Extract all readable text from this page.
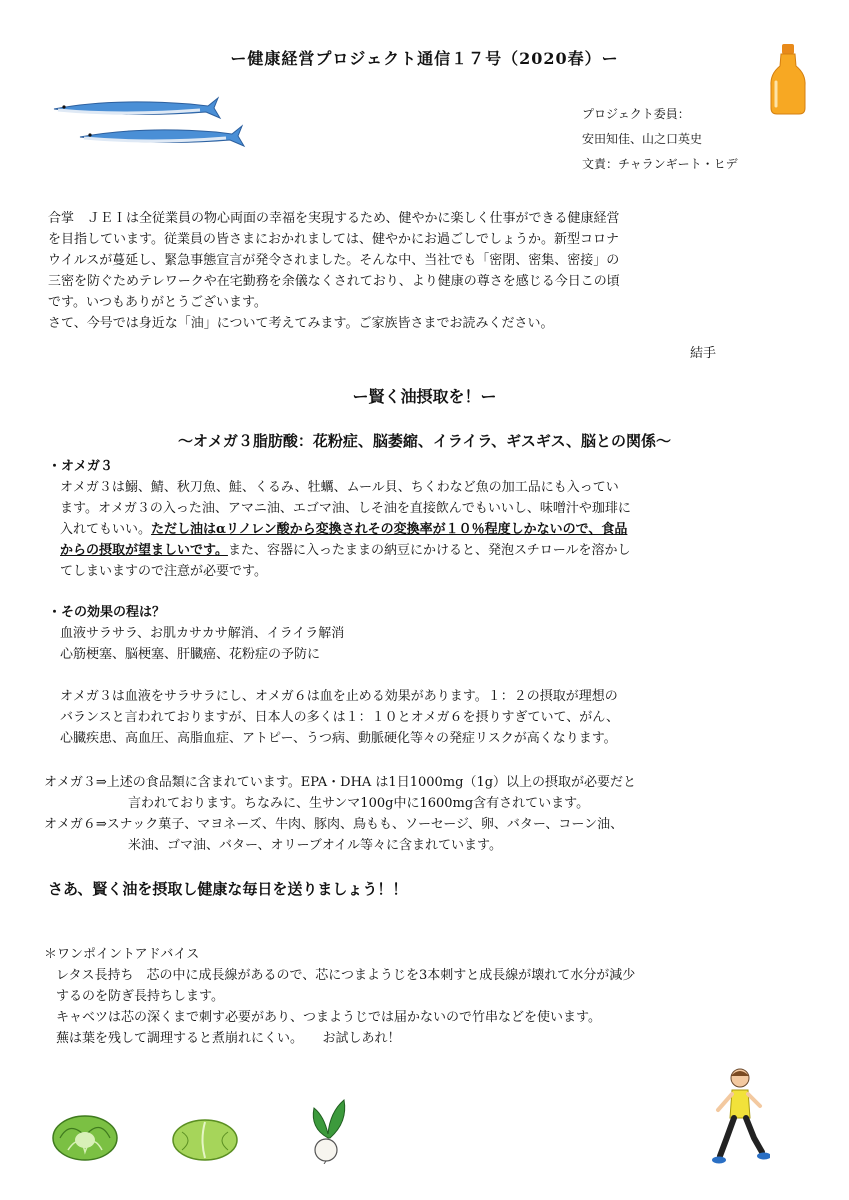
ー健康経営プロジェクト通信１７号（2020春）ー
プロジェクト委員：
安田知佳、山之口英史
文責：チャランギート・ヒデ
合掌　ＪＥＩは全従業員の物心両面の幸福を実現するため、健やかに楽しく仕事ができる健康経営
を目指しています。従業員の皆さまにおかれましては、健やかにお過ごしでしょうか。新型コロナ
ウイルスが蔓延し、緊急事態宣言が発令されました。そんな中、当社でも「密閉、密集、密接」の
三密を防ぐためテレワークや在宅勤務を余儀なくされており、より健康の尊さを感じる今日この頃
です。いつもありがとうございます。
さて、今号では身近な「油」について考えてみます。ご家族皆さまでお読みください。
結手
ー賢く油摂取を！ー
～オメガ３脂肪酸：花粉症、脳萎縮、イライラ、ギスギス、脳との関係～
・オメガ３
オメガ３は鰯、鯖、秋刀魚、鮭、くるみ、牡蠣、ムール貝、ちくわなど魚の加工品にも入ってい
ます。オメガ３の入った油、アマニ油、エゴマ油、しそ油を直接飲んでもいいし、味噌汁や珈琲に
入れてもいい。ただし油はαリノレン酸から変換されその変換率が１０％程度しかないので、食品
からの摂取が望ましいです。また、容器に入ったままの納豆にかけると、発泡スチロールを溶かし
てしまいますので注意が必要です。
・その効果の程は？
血液サラサラ、お肌カサカサ解消、イライラ解消
心筋梗塞、脳梗塞、肝臓癌、花粉症の予防に
オメガ３は血液をサラサラにし、オメガ６は血を止める効果があります。１：２の摂取が理想の
バランスと言われておりますが、日本人の多くは１：１０とオメガ６を摂りすぎていて、がん、
心臓疾患、高血圧、高脂血症、アトピー、うつ病、動脈硬化等々の発症リスクが高くなります。
オメガ３⇒上述の食品類に含まれています。EPA・DHA は1日1000mg（1g）以上の摂取が必要だと
言われております。ちなみに、生サンマ100g中に1600mg含有されています。
オメガ６⇒スナック菓子、マヨネーズ、牛肉、豚肉、鳥もも、ソーセージ、卵、バター、コーン油、
米油、ゴマ油、バター、オリーブオイル等々に含まれています。
さあ、賢く油を摂取し健康な毎日を送りましょう！！
＊ワンポイントアドバイス
レタス長持ち　芯の中に成長線があるので、芯につまようじを3本刺すと成長線が壊れて水分が減少
するのを防ぎ長持ちします。
キャベツは芯の深くまで刺す必要があり、つまようじでは届かないので竹串などを使います。
蕪は葉を残して調理すると煮崩れにくい。　　お試しあれ！
